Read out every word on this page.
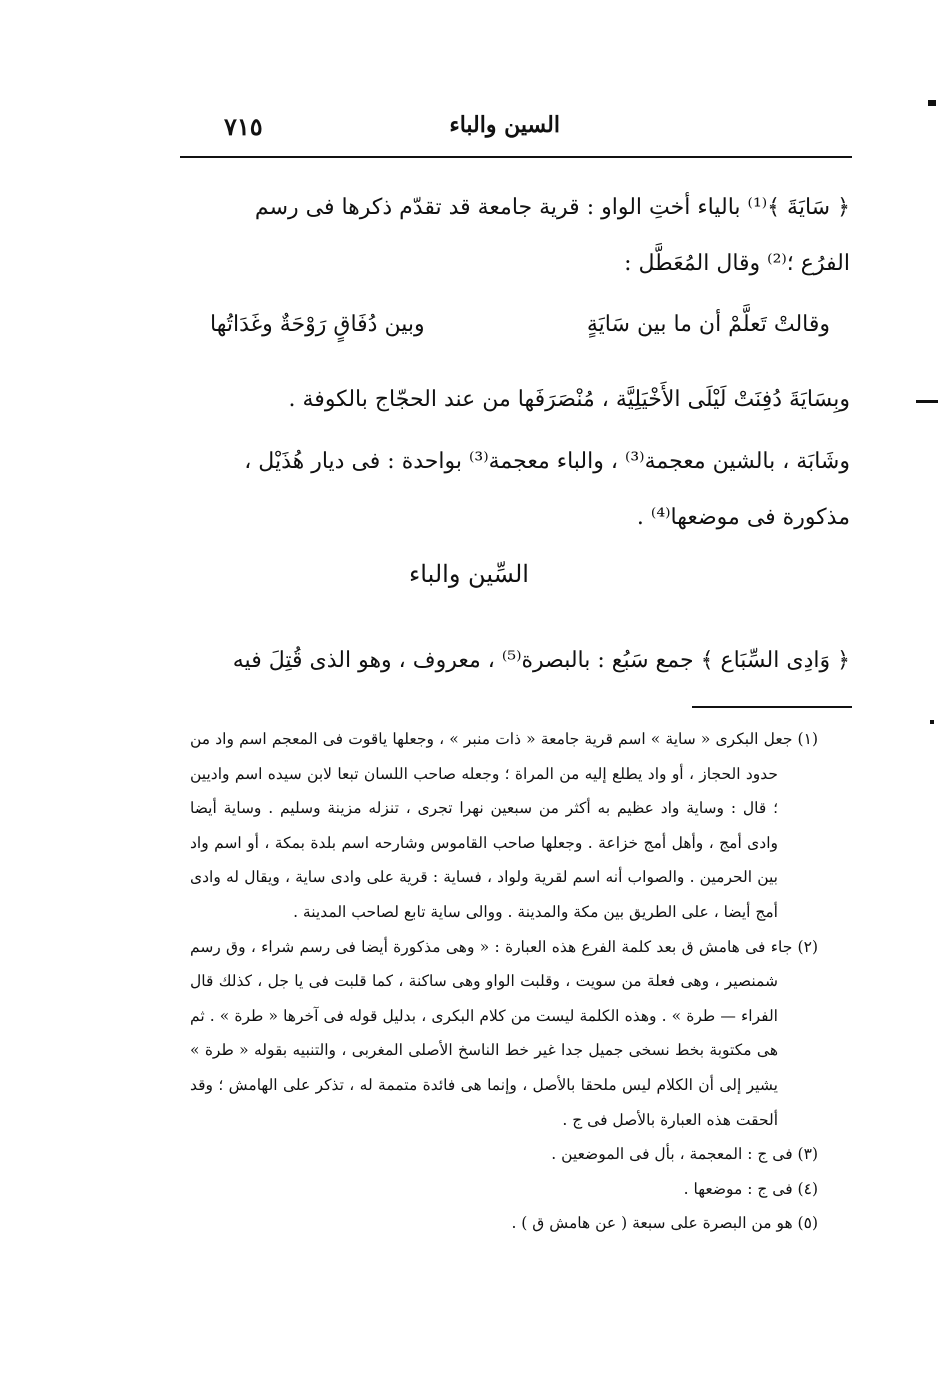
السين والباء
٧١٥

﴿ سَايَةَ ﴾⁽¹⁾ بالياء أختِ الواو : قرية جامعة قد تقدّم ذكرها فى رسم

الفرُع ؛⁽²⁾ وقال المُعَطَّل :

وقالتْ تَعلَّمْ أن ما بين سَايَةٍ
وبين دُفَاقٍ رَوْحَةٌ وغَدَاتُها

وبِسَايَةَ دُفِنَتْ لَيْلَى الأَخْيَلِيَّة ، مُنْصَرَفَها من عند الحجّاج بالكوفة .

وشَابَة ، بالشين معجمة⁽³⁾ ، والباء معجمة⁽³⁾ بواحدة : فى ديار هُذَيْل ،

مذكورة فى موضعها⁽⁴⁾ .

السِّين والباء

﴿ وَادِى السِّبَاع ﴾ جمع سَبُع : بالبصرة⁽⁵⁾ ، معروف ، وهو الذى قُتِلَ فيه

(١) جعل البكرى « ساية » اسم قرية جامعة « ذات منبر » ، وجعلها ياقوت فى المعجم اسم واد من حدود الحجاز ، أو واد يطلع إليه من المراة ؛ وجعله صاحب اللسان تبعا لابن سيده اسم واديين ؛ قال : وساية واد عظيم به أكثر من سبعين نهرا تجرى ، تنزله مزينة وسليم . وساية أيضا وادى أمج ، وأهل أمج خزاعة . وجعلها صاحب القاموس وشارحه اسم بلدة بمكة ، أو اسم واد بين الحرمين . والصواب أنه اسم لقرية ولواد ، فساية : قرية على وادى ساية ، ويقال له وادى أمج أيضا ، على الطريق بين مكة والمدينة . ووالى ساية تابع لصاحب المدينة .

(٢) جاء فى هامش ق بعد كلمة الفرع هذه العبارة : « وهى مذكورة أيضا فى رسم شراء ، وق رسم شمنصير ، وهى فعلة من سويت ، وقلبت الواو وهى ساكنة ، كما قلبت فى يا جل ، كذلك قال الفراء — طرة » . وهذه الكلمة ليست من كلام البكرى ، بدليل قوله فى آخرها « طرة » . ثم هى مكتوبة بخط نسخى جميل جدا غير خط الناسخ الأصلى المغربى ، والتنبيه بقوله « طرة » يشير إلى أن الكلام ليس ملحقا بالأصل ، وإنما هى فائدة متممة له ، تذكر على الهامش ؛ وقد ألحقت هذه العبارة بالأصل فى ج .

(٣) فى ج : المعجمة ، بأل فى الموضعين .

(٤) فى ج : موضعها .

(٥) هو من البصرة على سبعة ( عن هامش ق ) .
